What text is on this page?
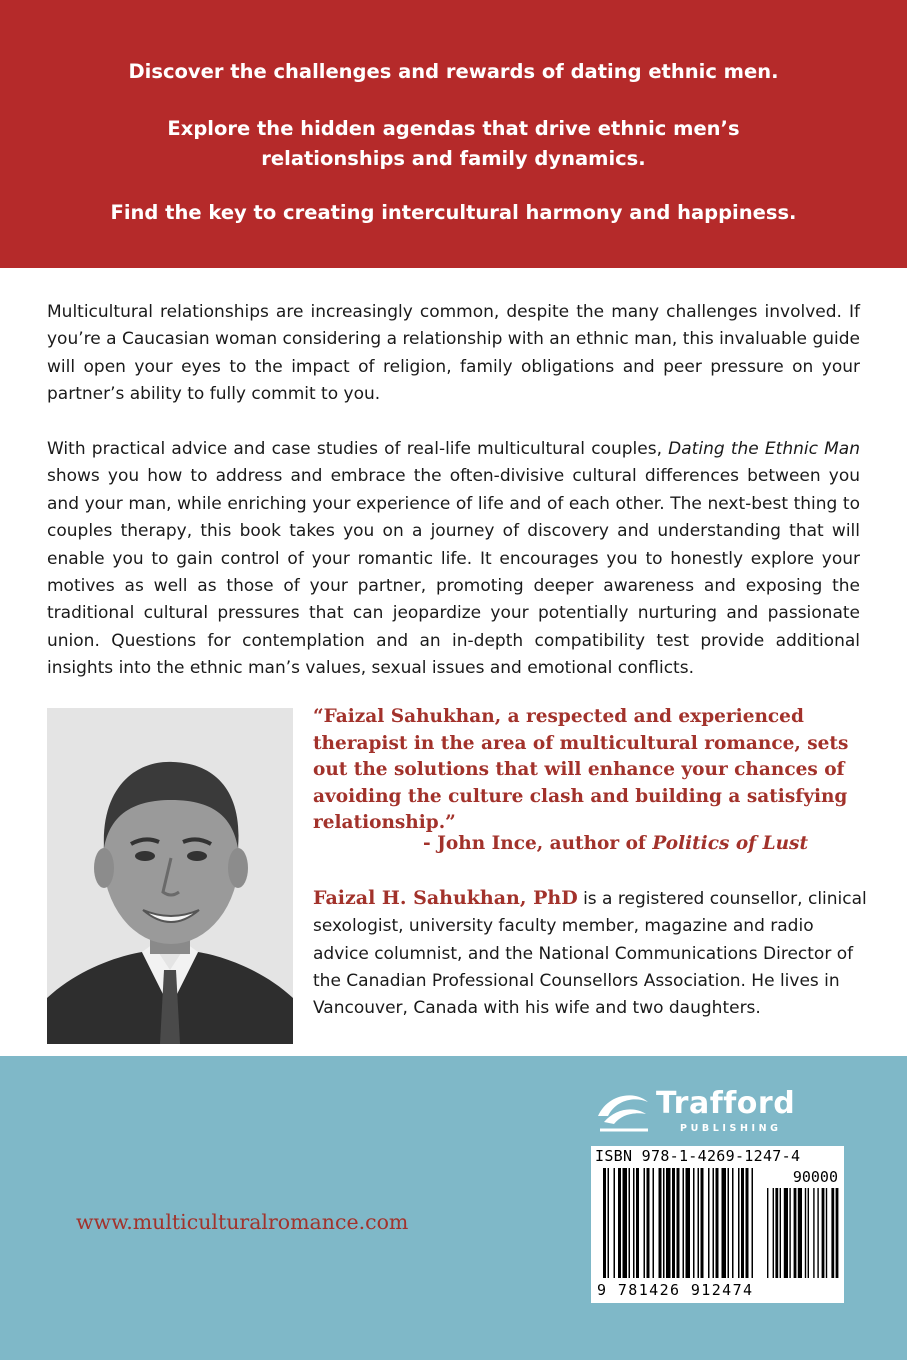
Discover the challenges and rewards of dating ethnic men.
Explore the hidden agendas that drive ethnic men’s
relationships and family dynamics.
Find the key to creating intercultural harmony and happiness.

Multicultural relationships are increasingly common, despite the many challenges involved. If you’re a Caucasian woman considering a relationship with an ethnic man, this invaluable guide will open your eyes to the impact of religion, family obligations and peer pressure on your partner’s ability to fully commit to you.

With practical advice and case studies of real-life multicultural couples, Dating the Ethnic Man shows you how to address and embrace the often-divisive cultural differences between you and your man, while enriching your experience of life and of each other. The next-best thing to couples therapy, this book takes you on a journey of discovery and understanding that will enable you to gain control of your romantic life. It encourages you to honestly explore your motives as well as those of your partner, promoting deeper awareness and exposing the traditional cultural pressures that can jeopardize your potentially nurturing and passionate union. Questions for contemplation and an in-depth compatibility test provide additional insights into the ethnic man’s values, sexual issues and emotional conflicts.

“Faizal Sahukhan, a respected and experienced therapist in the area of multicultural romance, sets out the solutions that will enhance your chances of avoiding the culture clash and building a satisfying relationship.”

- John Ince, author of Politics of Lust

Faizal H. Sahukhan, PhD is a registered counsellor, clinical sexologist, university faculty member, magazine and radio advice columnist, and the National Communications Director of the Canadian Professional Counsellors Association. He lives in Vancouver, Canada with his wife and two daughters.

www.multiculturalromance.com
Trafford
PUBLISHING
ISBN 978-1-4269-1247-4
90000
9 781426 912474
